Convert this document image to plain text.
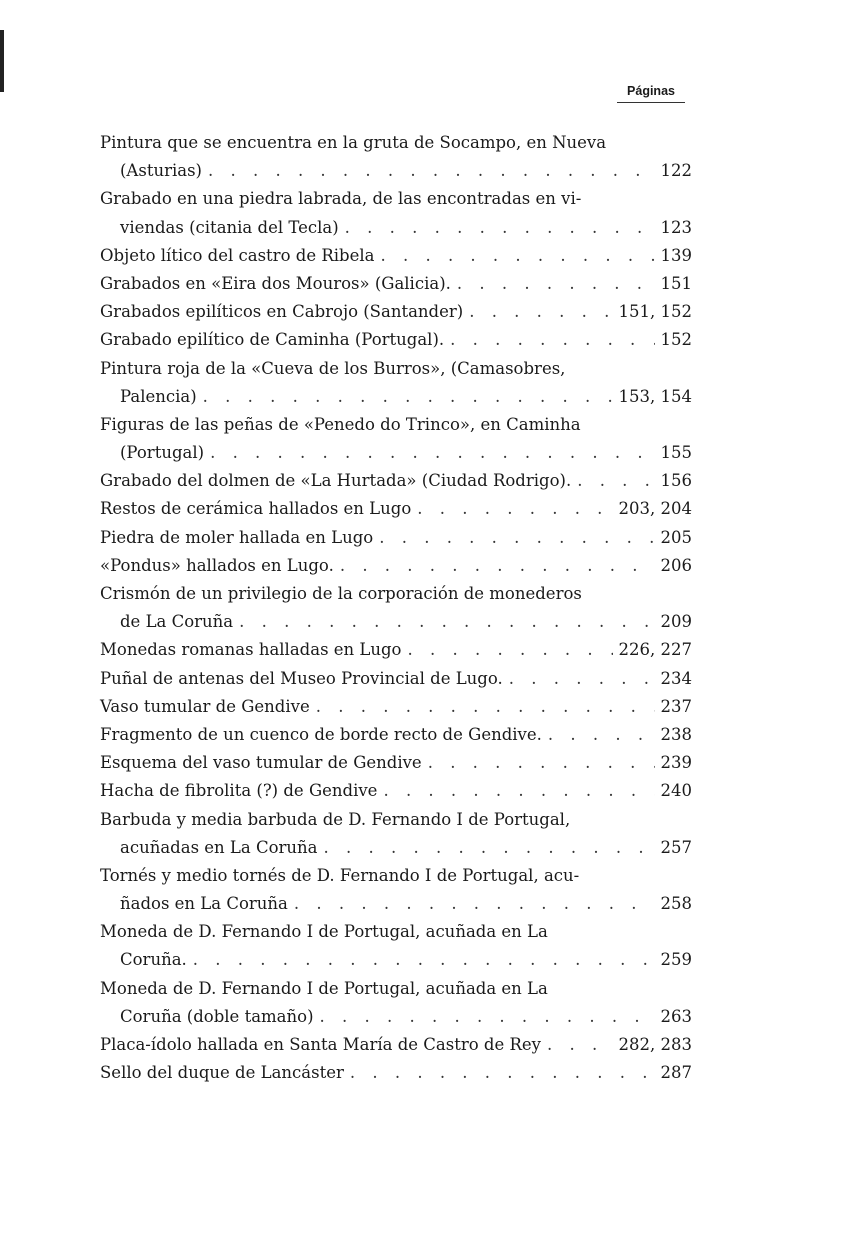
Páginas
Pintura que se encuentra en la gruta de Socampo, en Nueva
(Asturias) . . .	122
Grabado en una piedra labrada, de las encontradas en vi-
viendas (citania del Tecla) . . .	123
Objeto lítico del castro de Ribela . . .	139
Grabados en «Eira dos Mouros» (Galicia). . . .	151
Grabados epilíticos en Cabrojo (Santander) . . .	151, 152
Grabado epilítico de Caminha (Portugal). . . .	152
Pintura roja de la «Cueva de los Burros», (Camasobres,
Palencia) . . .	153, 154
Figuras de las peñas de «Penedo do Trinco», en Caminha
(Portugal) . . .	155
Grabado del dolmen de «La Hurtada» (Ciudad Rodrigo). . . .	156
Restos de cerámica hallados en Lugo . . .	203, 204
Piedra de moler hallada en Lugo . . .	205
«Pondus» hallados en Lugo. . . .	206
Crismón de un privilegio de la corporación de monederos
de La Coruña . . .	209
Monedas romanas halladas en Lugo . . .	226, 227
Puñal de antenas del Museo Provincial de Lugo. . . .	234
Vaso tumular de Gendive . . .	237
Fragmento de un cuenco de borde recto de Gendive. . . .	238
Esquema del vaso tumular de Gendive . . .	239
Hacha de fibrolita (?) de Gendive . . .	240
Barbuda y media barbuda de D. Fernando I de Portugal,
acuñadas en La Coruña . . .	257
Tornés y medio tornés de D. Fernando I de Portugal, acu-
ñados en La Coruña . . .	258
Moneda de D. Fernando I de Portugal, acuñada en La
Coruña. . . .	259
Moneda de D. Fernando I de Portugal, acuñada en La
Coruña (doble tamaño) . . .	263
Placa-ídolo hallada en Santa María de Castro de Rey . . .	282, 283
Sello del duque de Lancáster . . .	287
